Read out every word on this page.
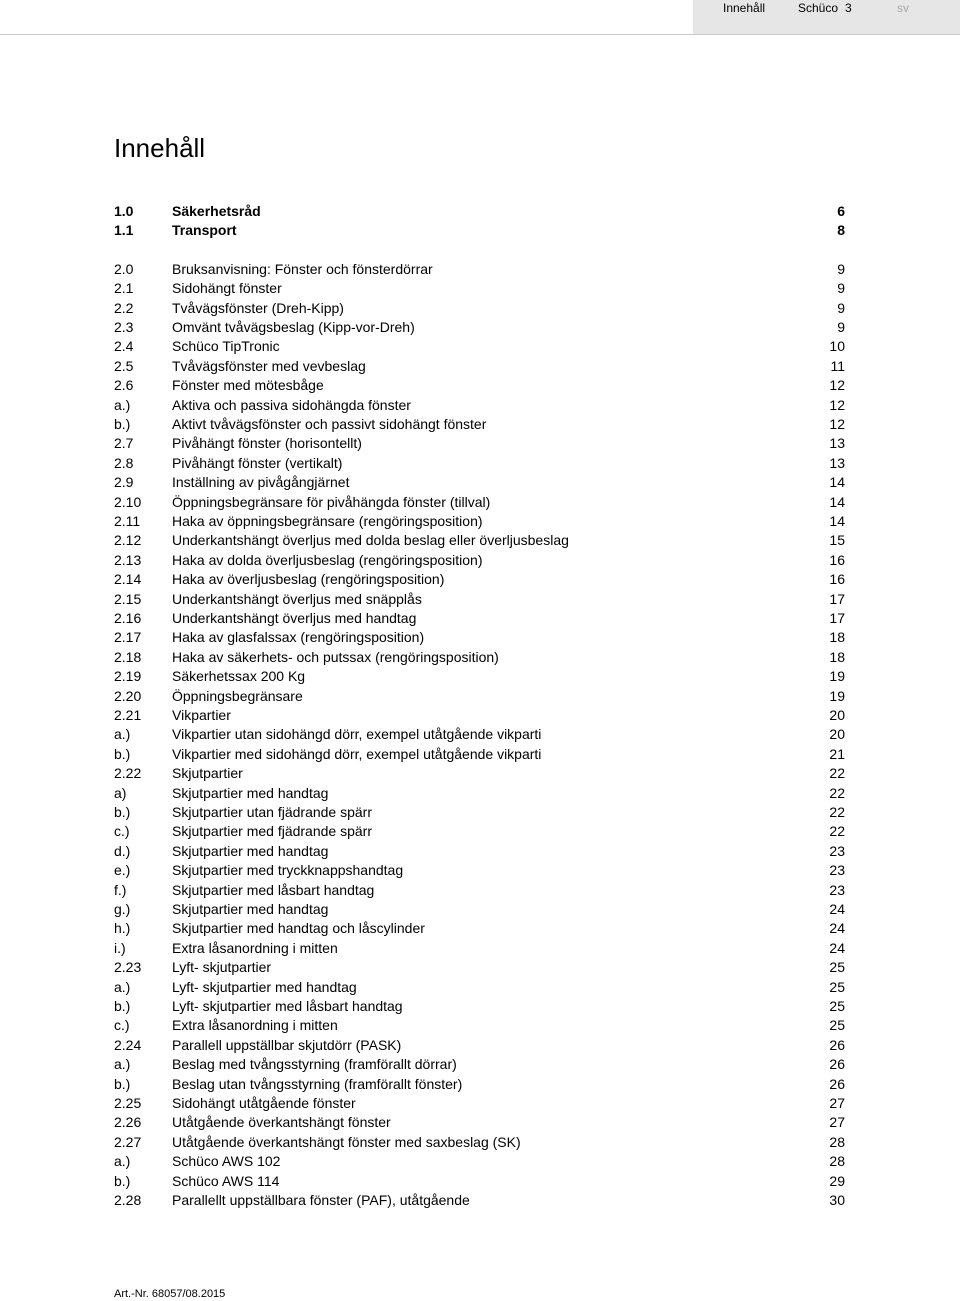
Innehåll	Schüco 3	sv
Innehåll
1.0	Säkerhetsråd	6
1.1	Transport	8
2.0	Bruksanvisning: Fönster och fönsterdörrar	9
2.1	Sidohängt fönster	9
2.2	Tvåvägsfönster (Dreh-Kipp)	9
2.3	Omvänt tvåvägsbeslag (Kipp-vor-Dreh)	9
2.4	Schüco TipTronic	10
2.5	Tvåvägsfönster med vevbeslag	11
2.6	Fönster med mötesbåge	12
a.)	Aktiva och passiva sidohängda fönster	12
b.)	Aktivt tvåvägsfönster och passivt sidohängt fönster	12
2.7	Pivåhängt fönster (horisontellt)	13
2.8	Pivåhängt fönster (vertikalt)	13
2.9	Inställning av pivågångjärnet	14
2.10 Öppningsbegränsare för pivåhängda fönster (tillval)	14
2.11 Haka av öppningsbegränsare (rengöringsposition)	14
2.12 Underkantshängt överljus med dolda beslag eller överljusbeslag	15
2.13 Haka av dolda överljusbeslag (rengöringsposition)	16
2.14 Haka av överljusbeslag (rengöringsposition)	16
2.15 Underkantshängt överljus med snäpplås	17
2.16 Underkantshängt överljus med handtag	17
2.17 Haka av glasfalssax (rengöringsposition)	18
2.18 Haka av säkerhets- och putssax (rengöringsposition)	18
2.19 Säkerhetssax 200 Kg	19
2.20 Öppningsbegränsare	19
2.21 Vikpartier	20
a.)	Vikpartier utan sidohängd dörr, exempel utåtgående vikparti	20
b.)	Vikpartier med sidohängd dörr, exempel utåtgående vikparti	21
2.22 Skjutpartier	22
a)	Skjutpartier med handtag	22
b.)	Skjutpartier utan fjädrande spärr	22
c.)	Skjutpartier med fjädrande spärr	22
d.)	Skjutpartier med handtag	23
e.)	Skjutpartier med tryckknappshandtag	23
f.)	Skjutpartier med låsbart handtag	23
g.)	Skjutpartier med handtag	24
h.)	Skjutpartier med handtag och låscylinder	24
i.)	Extra låsanordning i mitten	24
2.23 Lyft- skjutpartier	25
a.)	Lyft- skjutpartier med handtag	25
b.)	Lyft- skjutpartier med låsbart handtag	25
c.)	Extra låsanordning i mitten	25
2.24 Parallell uppställbar skjutdörr (PASK)	26
a.)	Beslag med tvångsstyrning (framförallt dörrar)	26
b.)	Beslag utan tvångsstyrning (framförallt fönster)	26
2.25 Sidohängt utåtgående fönster	27
2.26 Utåtgående överkantshängt fönster	27
2.27 Utåtgående överkantshängt fönster med saxbeslag (SK)	28
a.)	Schüco AWS 102	28
b.)	Schüco AWS 114	29
2.28 Parallellt uppställbara fönster (PAF), utåtgående	30
Art.-Nr. 68057/08.2015
